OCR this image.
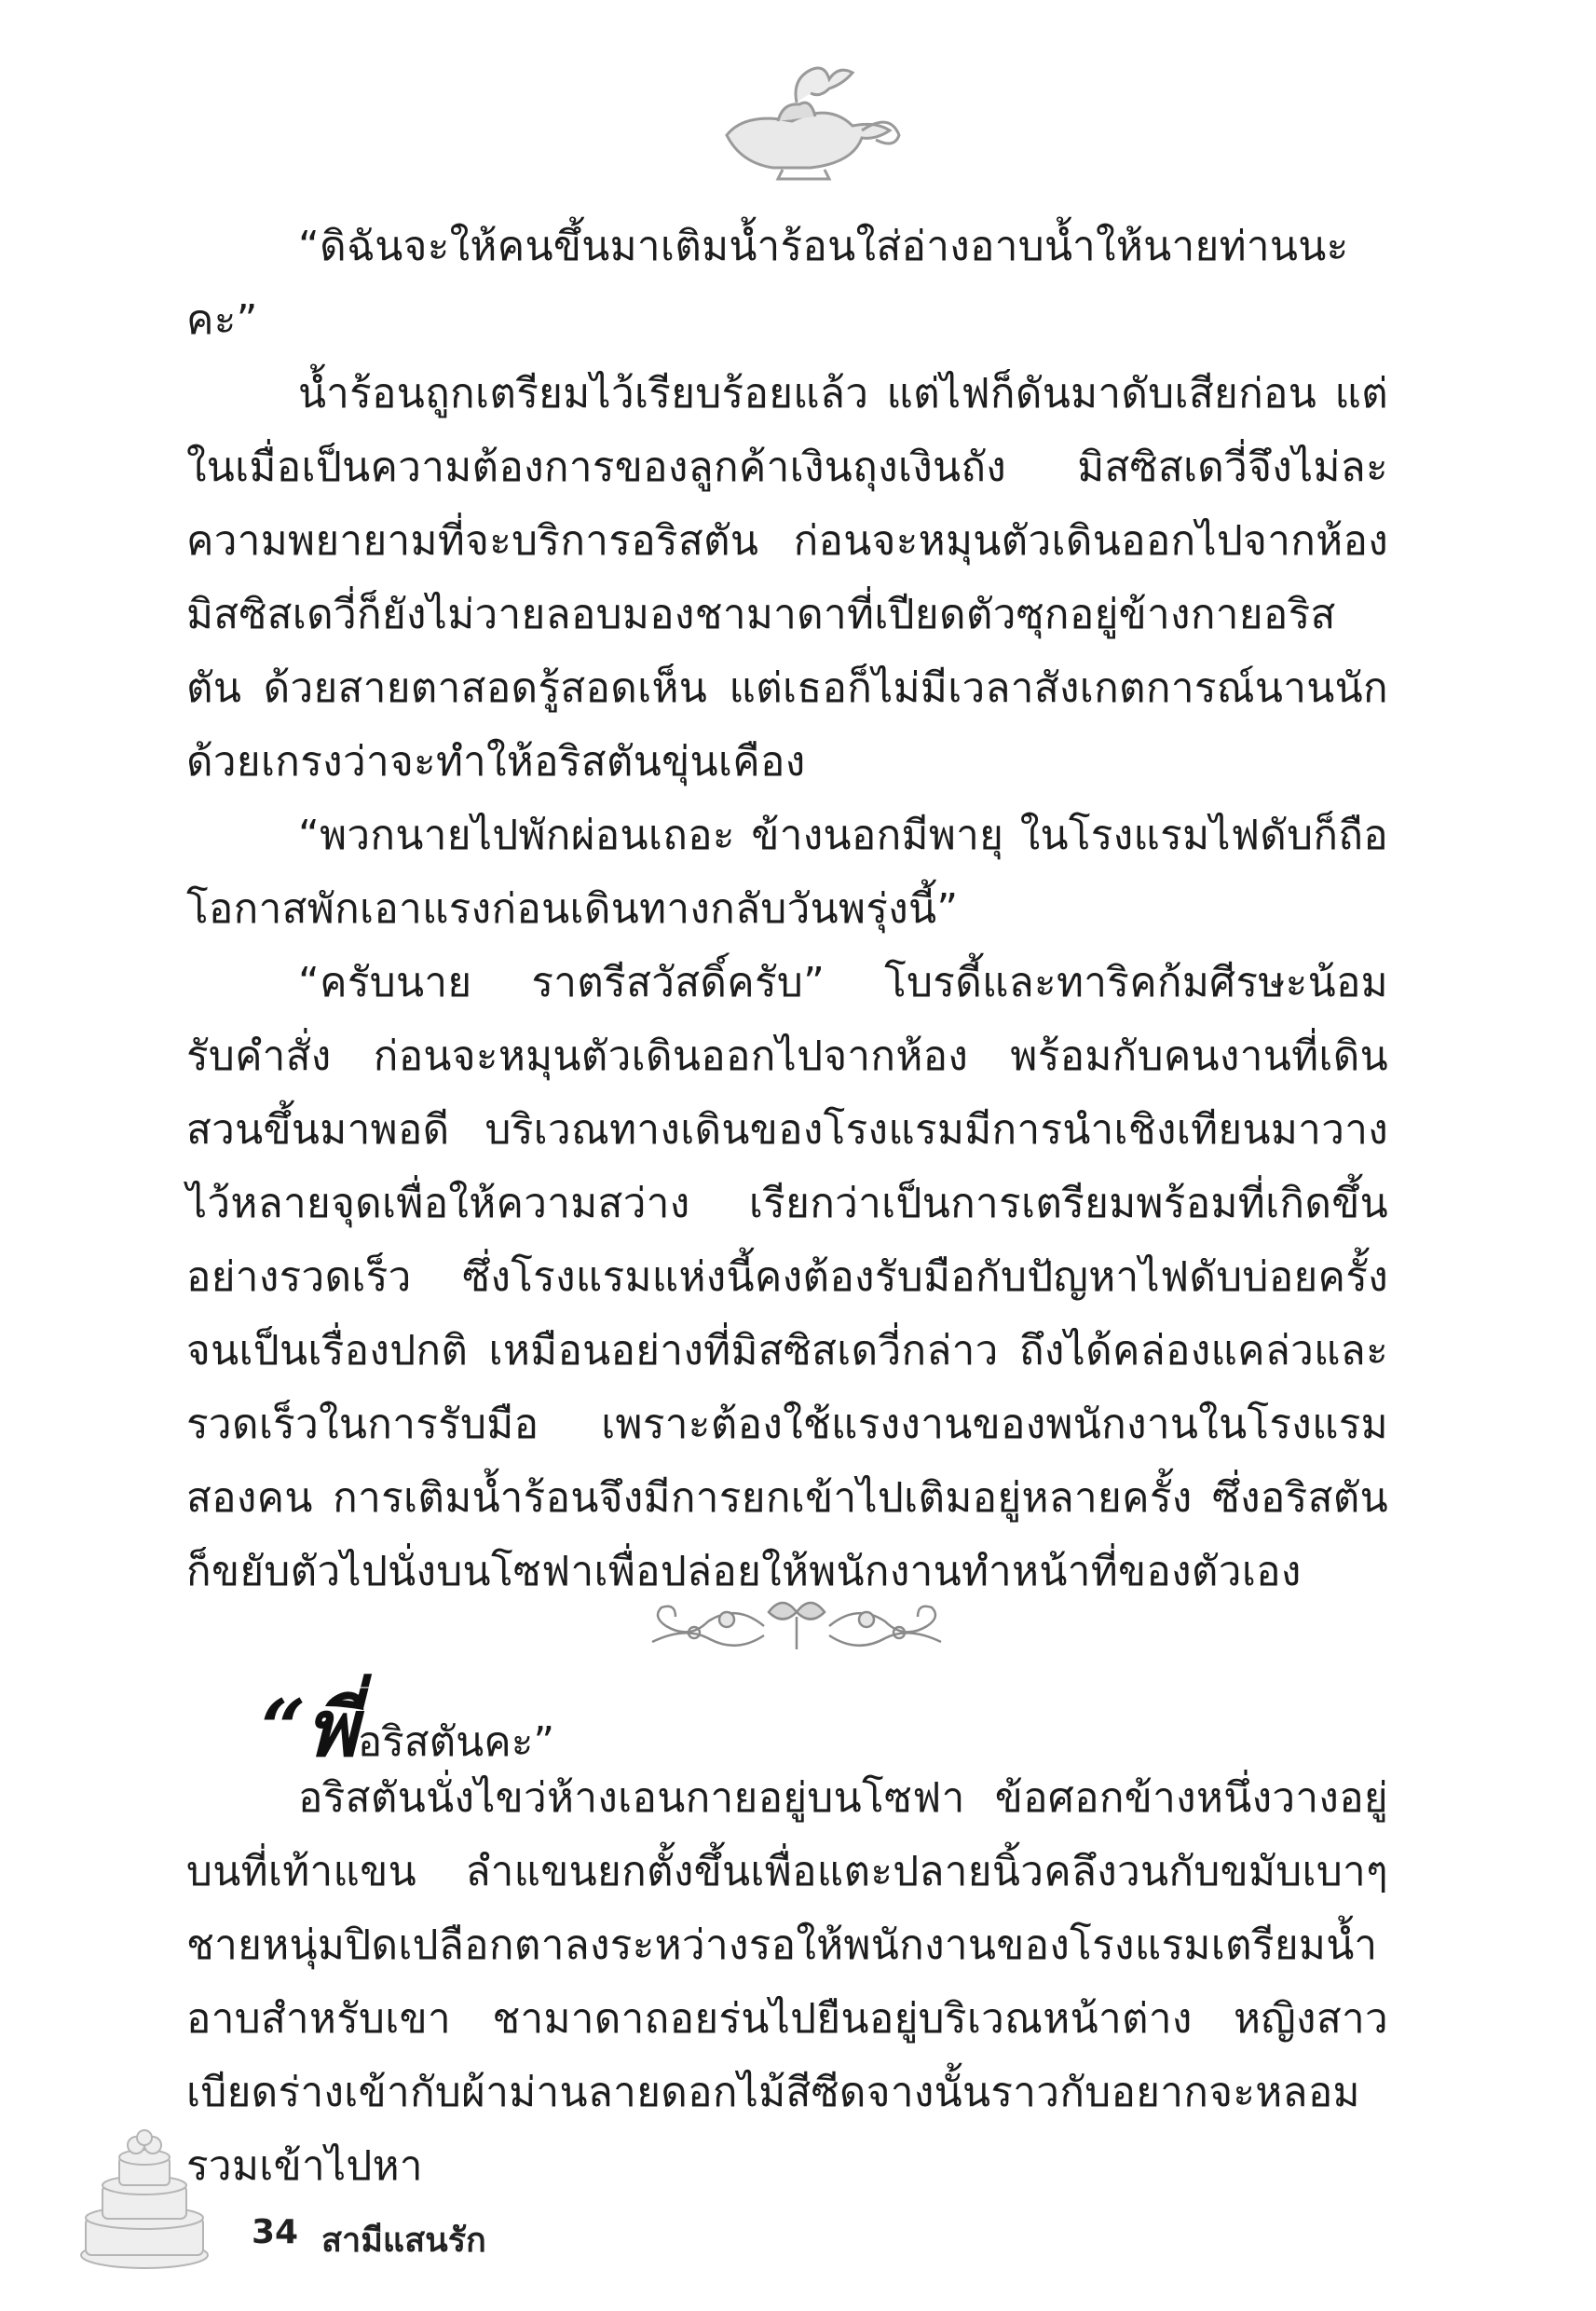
“ดิฉันจะให้คนขึ้นมาเติมน้ำร้อนใส่อ่างอาบน้ำให้นายท่านนะคะ”

น้ำร้อนถูกเตรียมไว้เรียบร้อยแล้ว แต่ไฟก็ดันมาดับเสียก่อน แต่ในเมื่อเป็นความต้องการของลูกค้าเงินถุงเงินถัง มิสซิสเดวี่จึงไม่ละความพยายามที่จะบริการอริสตัน ก่อนจะหมุนตัวเดินออกไปจากห้อง มิสซิสเดวี่ก็ยังไม่วายลอบมองชามาดาที่เปียดตัวซุกอยู่ข้างกายอริสตัน ด้วยสายตาสอดรู้สอดเห็น แต่เธอก็ไม่มีเวลาสังเกตการณ์นานนัก ด้วยเกรงว่าจะทำให้อริสตันขุ่นเคือง

“พวกนายไปพักผ่อนเถอะ ข้างนอกมีพายุ ในโรงแรมไฟดับก็ถือโอกาสพักเอาแรงก่อนเดินทางกลับวันพรุ่งนี้”

“ครับนาย ราตรีสวัสดิ์ครับ” โบรดี้และทาริคก้มศีรษะน้อมรับคำสั่ง ก่อนจะหมุนตัวเดินออกไปจากห้อง พร้อมกับคนงานที่เดินสวนขึ้นมาพอดี บริเวณทางเดินของโรงแรมมีการนำเชิงเทียนมาวางไว้หลายจุดเพื่อให้ความสว่าง เรียกว่าเป็นการเตรียมพร้อมที่เกิดขึ้นอย่างรวดเร็ว ซึ่งโรงแรมแห่งนี้คงต้องรับมือกับปัญหาไฟดับบ่อยครั้งจนเป็นเรื่องปกติ เหมือนอย่างที่มิสซิสเดวี่กล่าว ถึงได้คล่องแคล่วและรวดเร็วในการรับมือ เพราะต้องใช้แรงงานของพนักงานในโรงแรมสองคน การเติมน้ำร้อนจึงมีการยกเข้าไปเติมอยู่หลายครั้ง ซึ่งอริสตันก็ขยับตัวไปนั่งบนโซฟาเพื่อปล่อยให้พนักงานทำหน้าที่ของตัวเอง

“พี่อริสตันคะ”

อริสตันนั่งไขว่ห้างเอนกายอยู่บนโซฟา ข้อศอกข้างหนึ่งวางอยู่บนที่เท้าแขน ลำแขนยกตั้งขึ้นเพื่อแตะปลายนิ้วคลึงวนกับขมับเบาๆ ชายหนุ่มปิดเปลือกตาลงระหว่างรอให้พนักงานของโรงแรมเตรียมน้ำอาบสำหรับเขา ชามาดาถอยร่นไปยืนอยู่บริเวณหน้าต่าง หญิงสาวเบียดร่างเข้ากับผ้าม่านลายดอกไม้สีซีดจางนั้นราวกับอยากจะหลอมรวมเข้าไปหา

34 สามีแสนรัก
